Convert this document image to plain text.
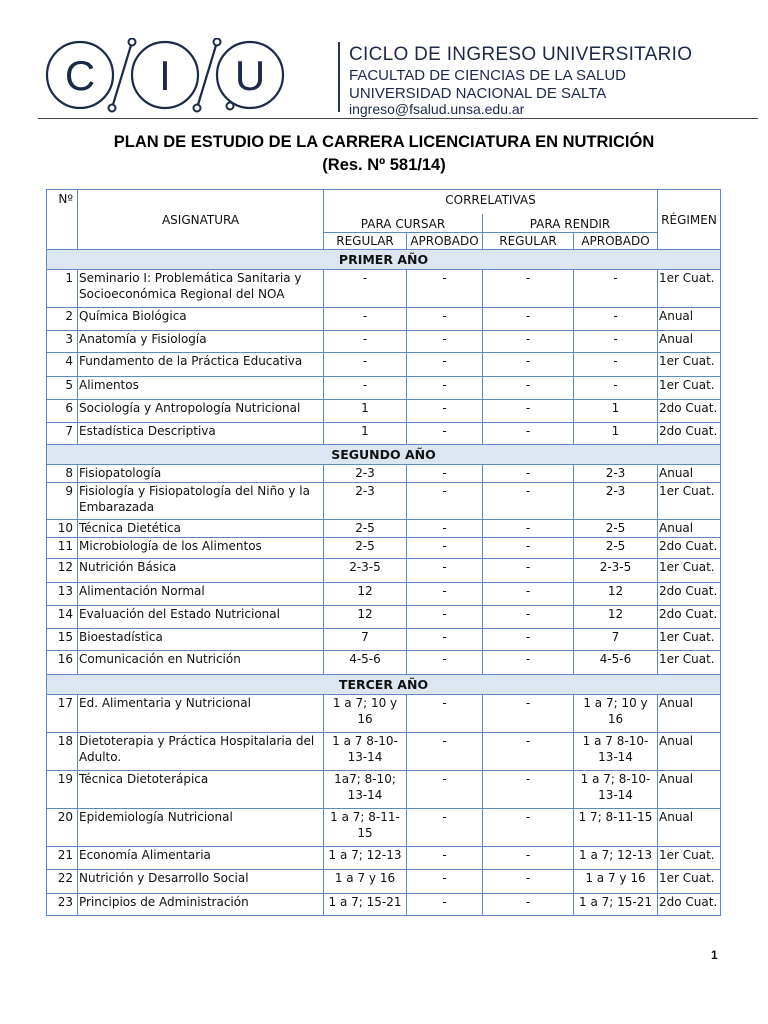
C I U	CICLO DE INGRESO UNIVERSITARIO
FACULTAD DE CIENCIAS DE LA SALUD
UNIVERSIDAD NACIONAL DE SALTA
ingreso@fsalud.unsa.edu.ar
PLAN DE ESTUDIO DE LA CARRERA LICENCIATURA EN NUTRICIÓN
(Res. Nº 581/14)
Nº	ASIGNATURA	CORRELATIVAS				RÉGIMEN
		PARA CURSAR		PARA RENDIR		
		REGULAR	APROBADO	REGULAR	APROBADO	
PRIMER AÑO						
1	Seminario I: Problemática Sanitaria y Socioeconómica Regional del NOA	-	-	-	-	1er Cuat.
2	Química Biológica	-	-	-	-	Anual
3	Anatomía y Fisiología	-	-	-	-	Anual
4	Fundamento de la Práctica Educativa	-	-	-	-	1er Cuat.
5	Alimentos	-	-	-	-	1er Cuat.
6	Sociología y Antropología Nutricional	1	-	-	1	2do Cuat.
7	Estadística Descriptiva	1	-	-	1	2do Cuat.
SEGUNDO AÑO						
8	Fisiopatología	2-3	-	-	2-3	Anual
9	Fisiología y Fisiopatología del Niño y la Embarazada	2-3	-	-	2-3	1er Cuat.
10	Técnica Dietética	2-5	-	-	2-5	Anual
11	Microbiología de los Alimentos	2-5	-	-	2-5	2do Cuat.
12	Nutrición Básica	2-3-5	-	-	2-3-5	1er Cuat.
13	Alimentación Normal	12	-	-	12	2do Cuat.
14	Evaluación del Estado Nutricional	12	-	-	12	2do Cuat.
15	Bioestadística	7	-	-	7	1er Cuat.
16	Comunicación en Nutrición	4-5-6	-	-	4-5-6	1er Cuat.
TERCER AÑO						
17	Ed. Alimentaria y Nutricional	1 a 7; 10 y 16	-	-	1 a 7; 10 y 16	Anual
18	Dietoterapia y Práctica Hospitalaria del Adulto.	1 a 7 8-10-13-14	-	-	1 a 7 8-10-13-14	Anual
19	Técnica Dietoterápica	1a7; 8-10; 13-14	-	-	1 a 7; 8-10- 13-14	Anual
20	Epidemiología Nutricional	1 a 7; 8-11- 15	-	-	1 7; 8-11-15	Anual
21	Economía Alimentaria	1 a 7; 12-13	-	-	1 a 7; 12-13	1er Cuat.
22	Nutrición y Desarrollo Social	1 a 7 y 16	-	-	1 a 7 y 16	1er Cuat.
23	Principios de Administración	1 a 7; 15-21	-	-	1 a 7; 15-21	2do Cuat.
1
